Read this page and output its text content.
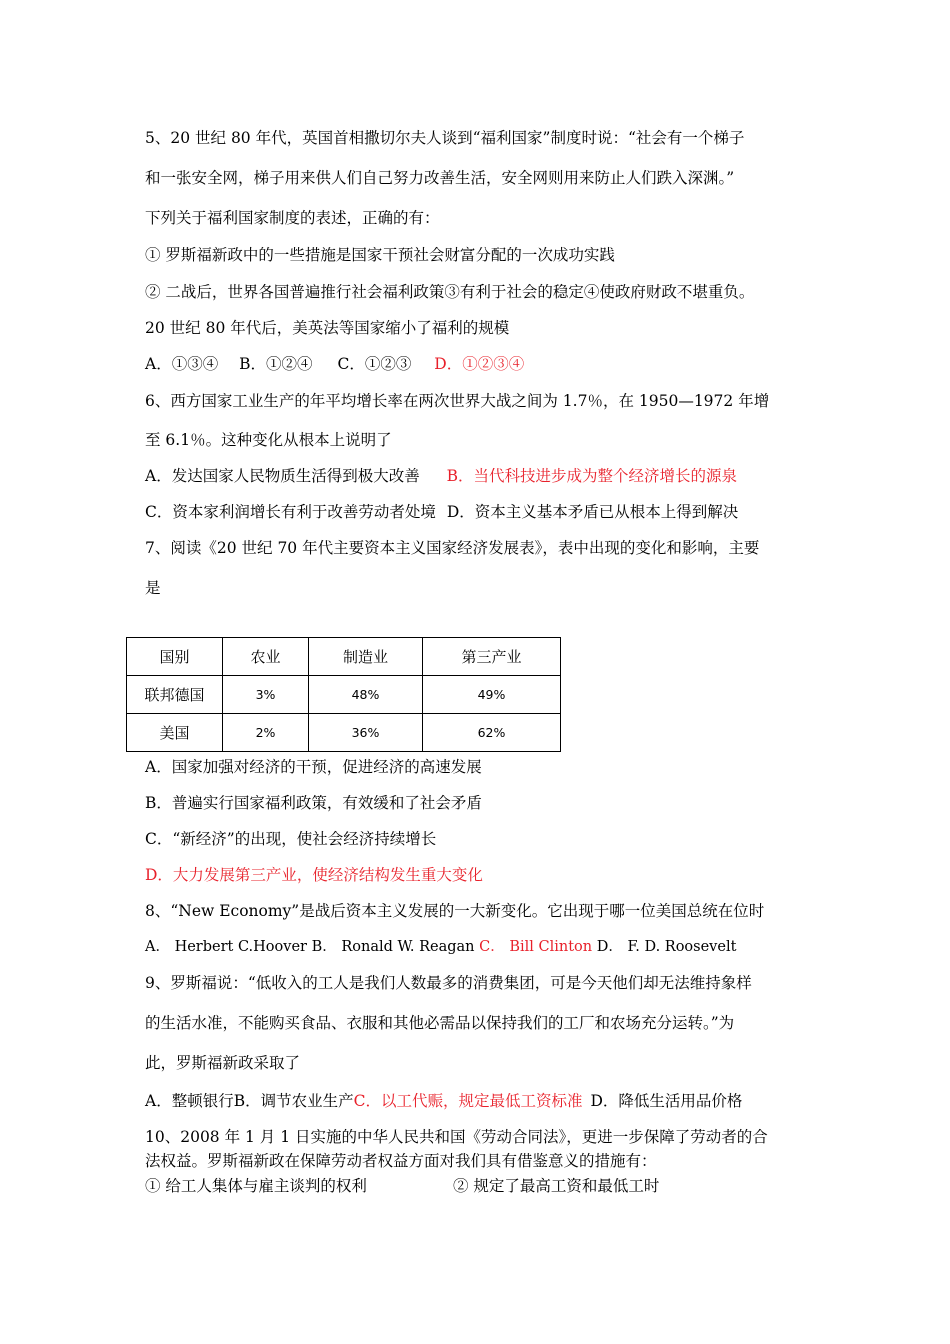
5、20 世纪 80 年代，英国首相撒切尔夫人谈到“福利国家”制度时说：“社会有一个梯子
和一张安全网，梯子用来供人们自己努力改善生活，安全网则用来防止人们跌入深渊。”
下列关于福利国家制度的表述，正确的有：
① 罗斯福新政中的一些措施是国家干预社会财富分配的一次成功实践
② 二战后，世界各国普遍推行社会福利政策③有利于社会的稳定④使政府财政不堪重负。
20 世纪 80 年代后，美英法等国家缩小了福利的规模
A．①③④ B．①②④ C．①②③ D．①②③④
6、西方国家工业生产的年平均增长率在两次世界大战之间为 1.7％，在 1950—1972 年增
至 6.1％。这种变化从根本上说明了
A．发达国家人民物质生活得到极大改善 B．当代科技进步成为整个经济增长的源泉
C．资本家利润增长有利于改善劳动者处境 D．资本主义基本矛盾已从根本上得到解决
7、阅读《20 世纪 70 年代主要资本主义国家经济发展表》，表中出现的变化和影响，主要
是
国别	农业	制造业	第三产业
联邦德国	3%	48%	49%
美国	2%	36%	62%
A．国家加强对经济的干预，促进经济的高速发展
B．普遍实行国家福利政策，有效缓和了社会矛盾
C．“新经济”的出现，使社会经济持续增长
D．大力发展第三产业，使经济结构发生重大变化
8、“New Economy”是战后资本主义发展的一大新变化。它出现于哪一位美国总统在位时
A． Herbert C.Hoover B． Ronald W. Reagan C． Bill Clinton D． F. D. Roosevelt
9、罗斯福说：“低收入的工人是我们人数最多的消费集团，可是今天他们却无法维持象样
的生活水准，不能购买食品、衣服和其他必需品以保持我们的工厂和农场充分运转。”为
此，罗斯福新政采取了
A．整顿银行B．调节农业生产C．以工代赈，规定最低工资标准 D．降低生活用品价格
10、2008 年 1 月 1 日实施的中华人民共和国《劳动合同法》，更进一步保障了劳动者的合
法权益。罗斯福新政在保障劳动者权益方面对我们具有借鉴意义的措施有：
① 给工人集体与雇主谈判的权利	② 规定了最高工资和最低工时
